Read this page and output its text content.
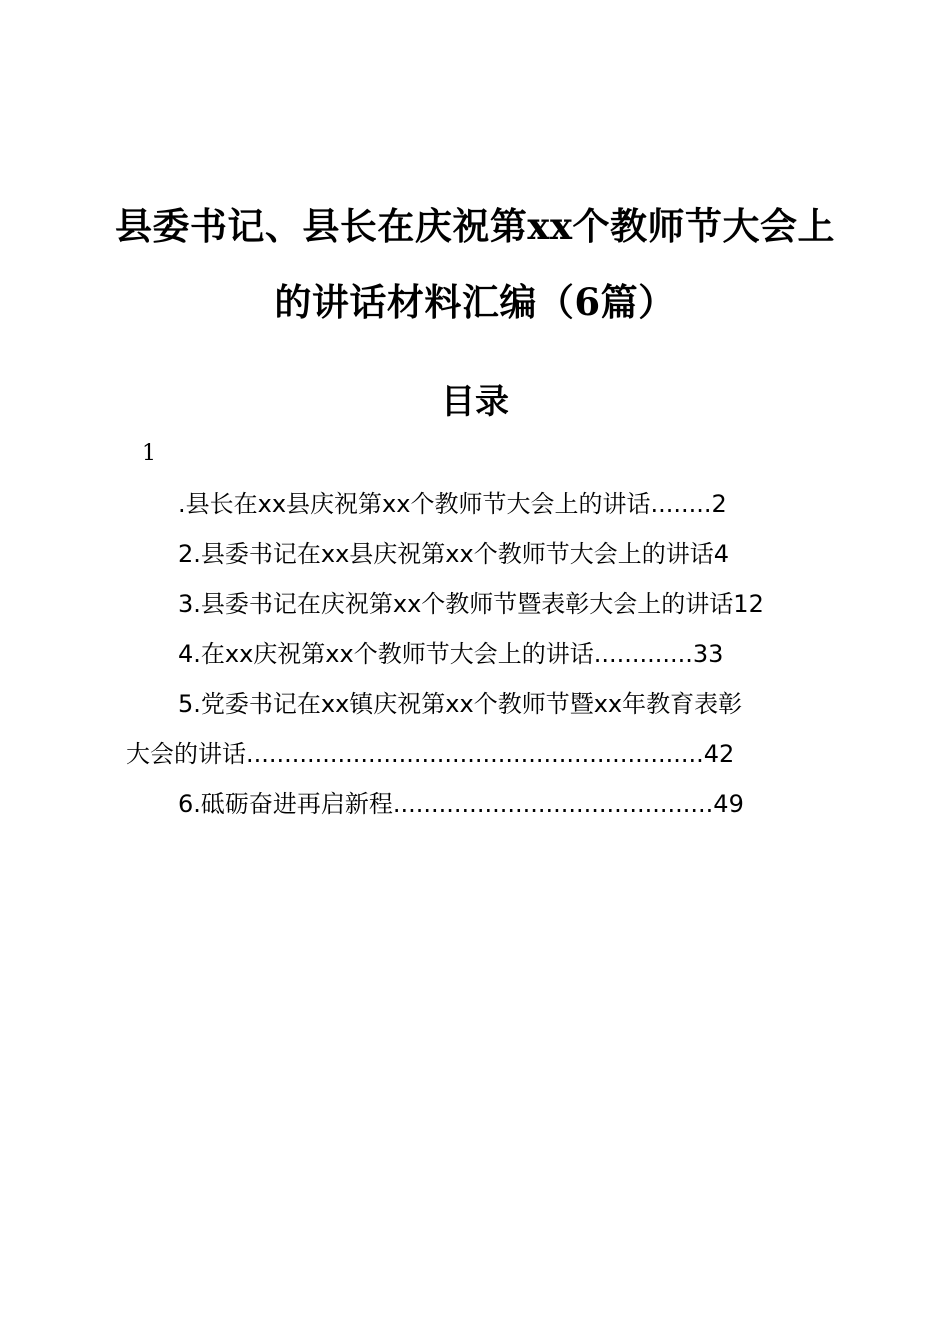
县委书记、县长在庆祝第xx个教师节大会上
的讲话材料汇编（6篇）
目录
1
.县长在xx县庆祝第xx个教师节大会上的讲话........2
2.县委书记在xx县庆祝第xx个教师节大会上的讲话4
3.县委书记在庆祝第xx个教师节暨表彰大会上的讲话12
4.在xx庆祝第xx个教师节大会上的讲话.............33
5.党委书记在xx镇庆祝第xx个教师节暨xx年教育表彰
大会的讲话............................................................42
6.砥砺奋进再启新程..........................................49
